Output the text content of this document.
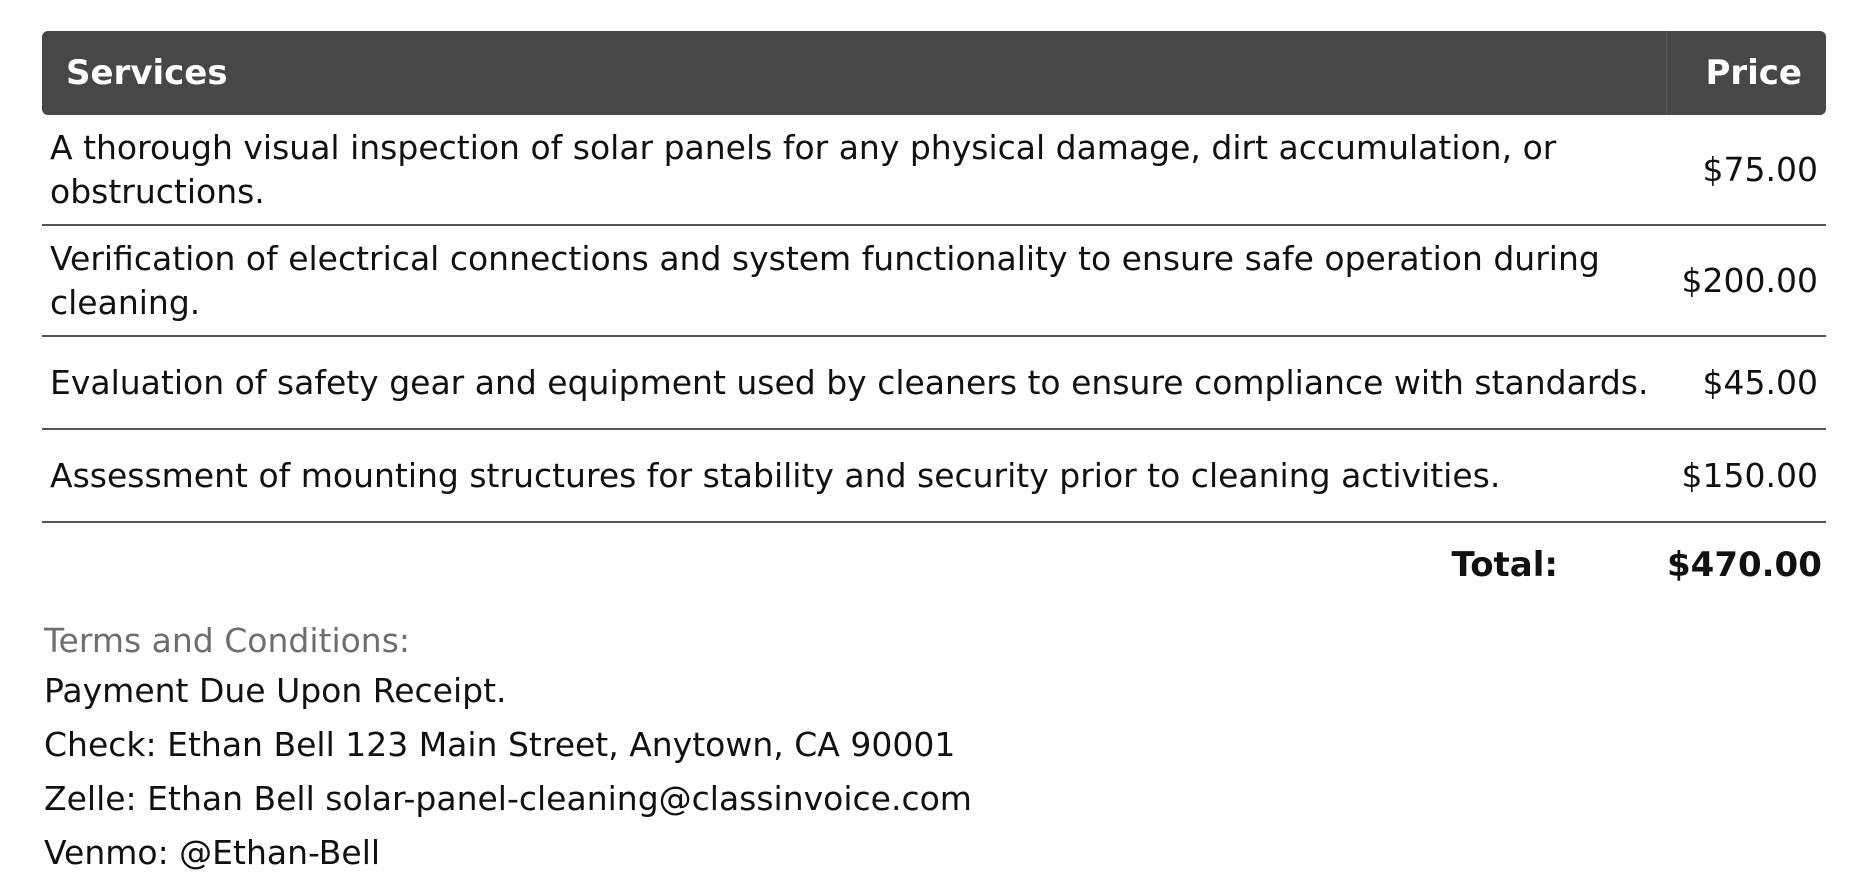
Services	Price
A thorough visual inspection of solar panels for any physical damage, dirt accumulation, or obstructions.	$75.00
Verification of electrical connections and system functionality to ensure safe operation during cleaning.	$200.00
Evaluation of safety gear and equipment used by cleaners to ensure compliance with standards.	$45.00
Assessment of mounting structures for stability and security prior to cleaning activities.	$150.00
Total:	$470.00
Terms and Conditions:
Payment Due Upon Receipt.
Check: Ethan Bell 123 Main Street, Anytown, CA 90001
Zelle: Ethan Bell solar-panel-cleaning@classinvoice.com
Venmo: @Ethan-Bell
